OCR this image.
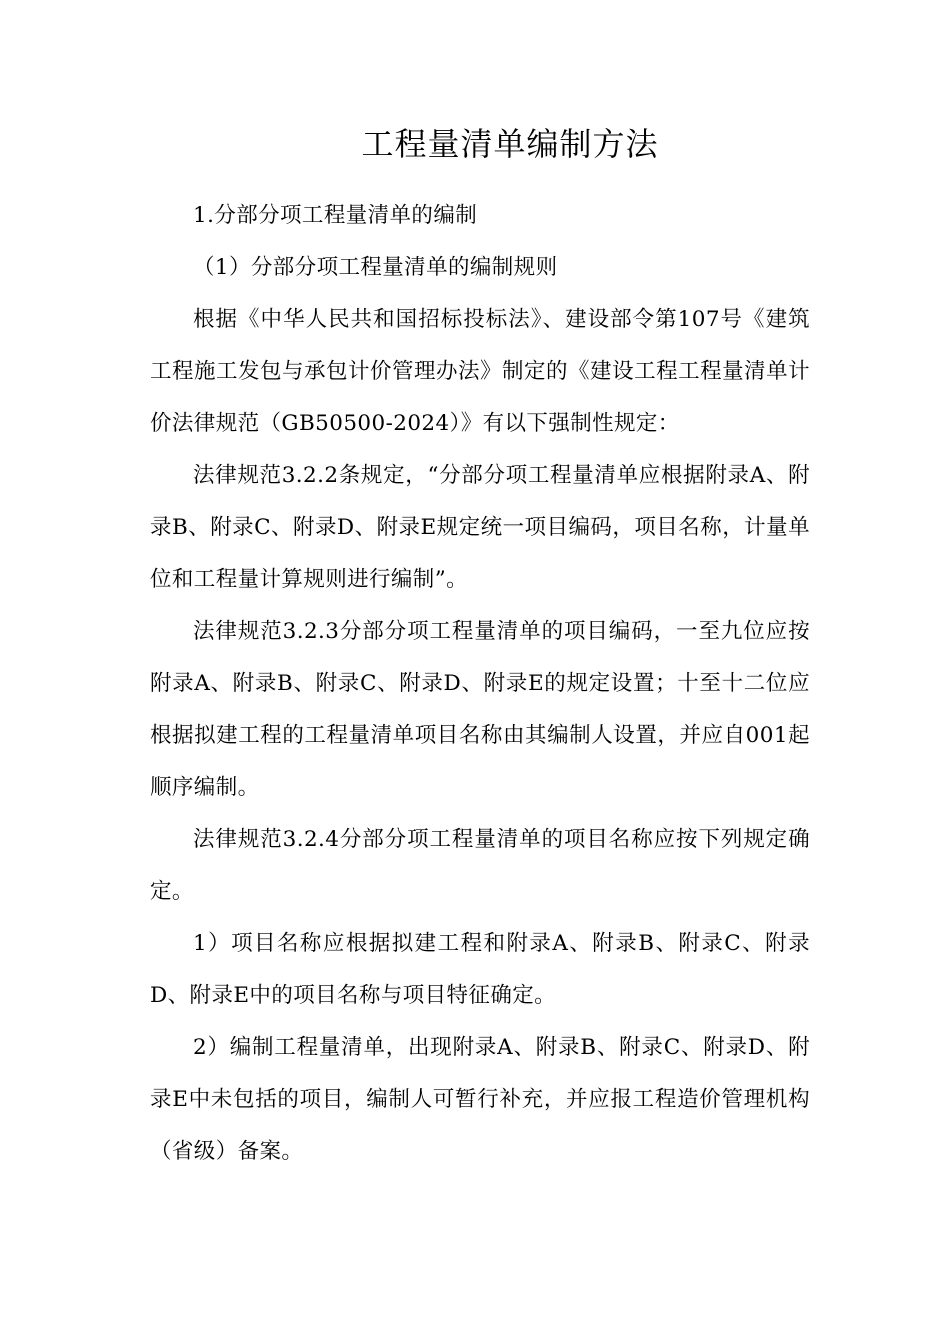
工程量清单编制方法

1.分部分项工程量清单的编制

（1）分部分项工程量清单的编制规则

根据《中华人民共和国招标投标法》、建设部令第107号《建筑工程施工发包与承包计价管理办法》制定的《建设工程工程量清单计价法律规范（GB50500-2024）》有以下强制性规定：

法律规范3.2.2条规定，“分部分项工程量清单应根据附录A、附录B、附录C、附录D、附录E规定统一项目编码，项目名称，计量单位和工程量计算规则进行编制”。

法律规范3.2.3分部分项工程量清单的项目编码，一至九位应按附录A、附录B、附录C、附录D、附录E的规定设置；十至十二位应根据拟建工程的工程量清单项目名称由其编制人设置，并应自001起顺序编制。

法律规范3.2.4分部分项工程量清单的项目名称应按下列规定确定。

1）项目名称应根据拟建工程和附录A、附录B、附录C、附录D、附录E中的项目名称与项目特征确定。

2）编制工程量清单，出现附录A、附录B、附录C、附录D、附录E中未包括的项目，编制人可暂行补充，并应报工程造价管理机构（省级）备案。
